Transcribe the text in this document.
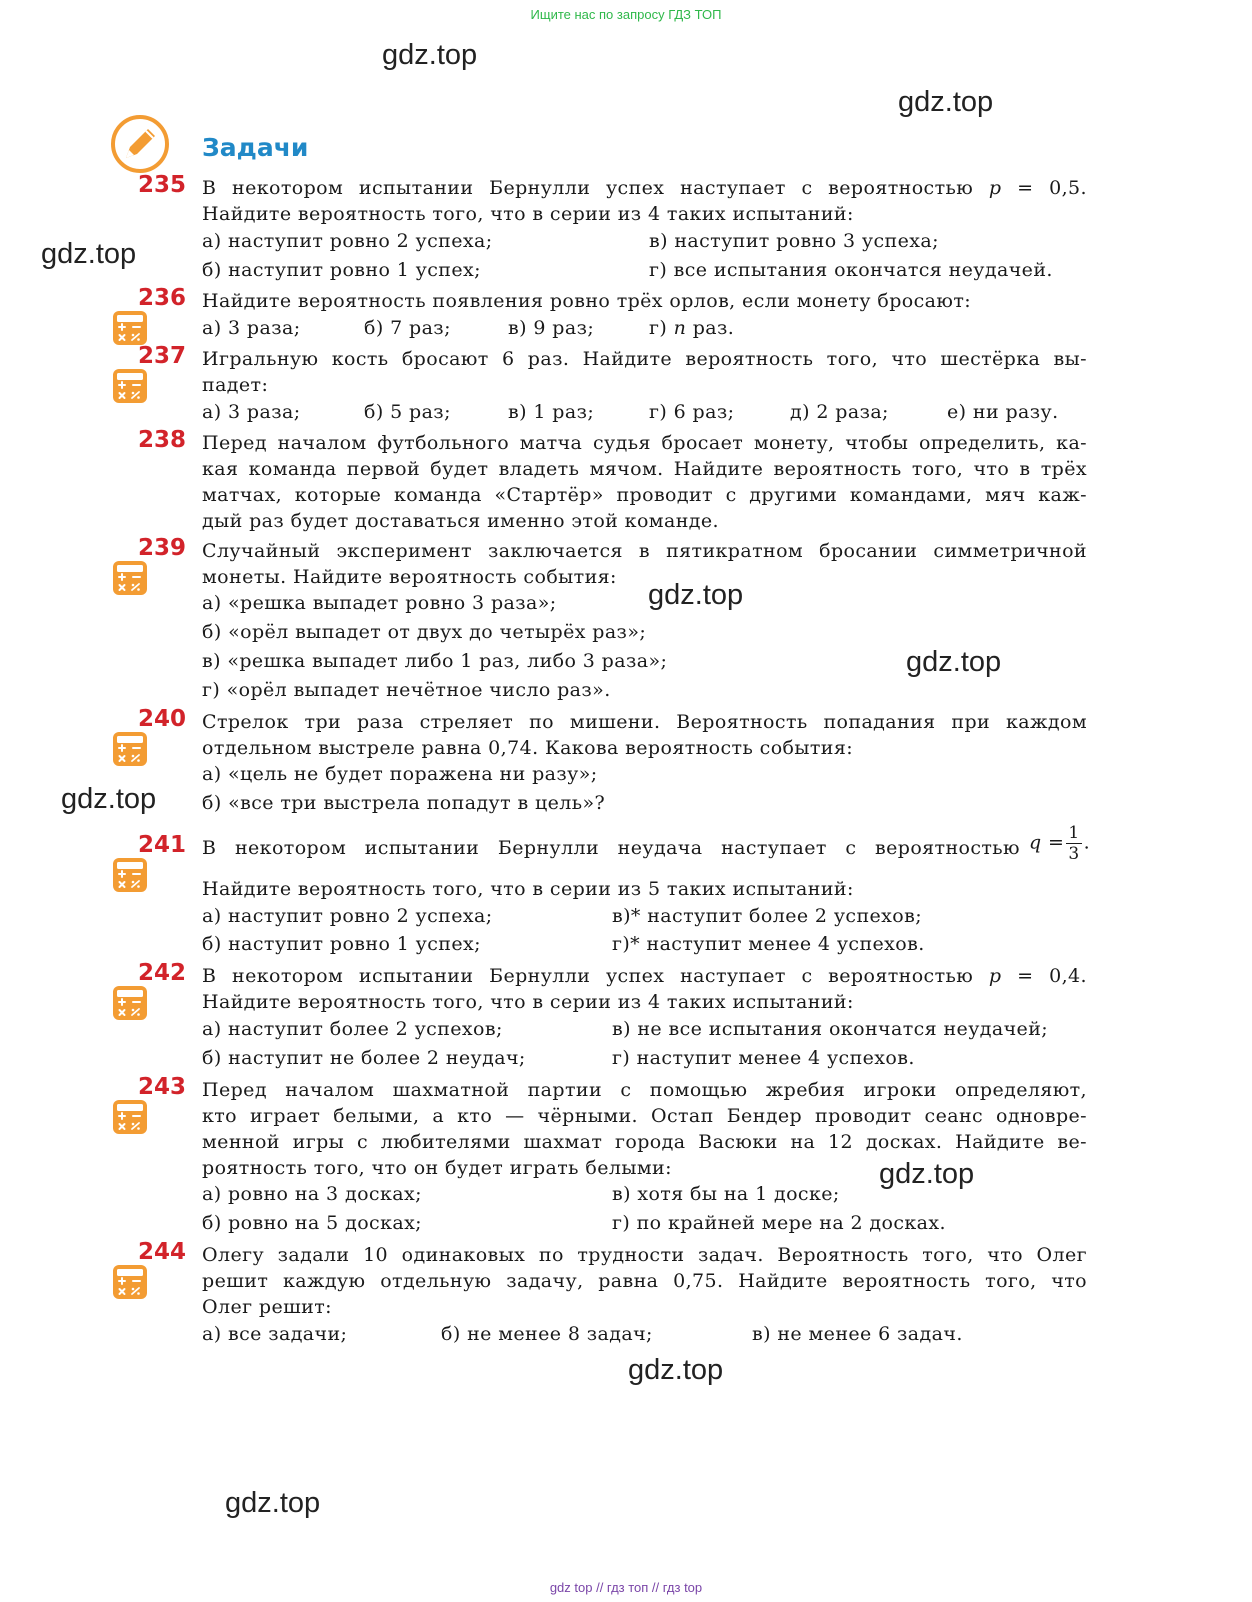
Ищите нас по запросу ГДЗ ТОП
gdz.top
gdz.top
gdz.top
gdz.top
gdz.top
gdz.top
gdz.top
gdz.top
gdz.top
Задачи
235 В некотором испытании Бернулли успех наступает с вероятностью p = 0,5.
Найдите вероятность того, что в серии из 4 таких испытаний:
а) наступит ровно 2 успеха;	в) наступит ровно 3 успеха;
б) наступит ровно 1 успех;	г) все испытания окончатся неудачей.
236 Найдите вероятность появления ровно трёх орлов, если монету бросают:
а) 3 раза;	б) 7 раз;	в) 9 раз;	г) n раз.
237 Игральную кость бросают 6 раз. Найдите вероятность того, что шестёрка вы-
падет:
а) 3 раза;	б) 5 раз;	в) 1 раз;	г) 6 раз;	д) 2 раза;	е) ни разу.
238 Перед началом футбольного матча судья бросает монету, чтобы определить, ка-
кая команда первой будет владеть мячом. Найдите вероятность того, что в трёх
матчах, которые команда «Стартёр» проводит с другими командами, мяч каж-
дый раз будет доставаться именно этой команде.
239 Случайный эксперимент заключается в пятикратном бросании симметричной
монеты. Найдите вероятность события:
а) «решка выпадет ровно 3 раза»;
б) «орёл выпадет от двух до четырёх раз»;
в) «решка выпадет либо 1 раз, либо 3 раза»;
г) «орёл выпадет нечётное число раз».
240 Стрелок три раза стреляет по мишени. Вероятность попадания при каждом
отдельном выстреле равна 0,74. Какова вероятность события:
а) «цель не будет поражена ни разу»;
б) «все три выстрела попадут в цель»?
241 В некотором испытании Бернулли неудача наступает с вероятностью $q = \frac{1}{3}$ .
Найдите вероятность того, что в серии из 5 таких испытаний:
а) наступит ровно 2 успеха;	в)* наступит более 2 успехов;
б) наступит ровно 1 успех;	г)* наступит менее 4 успехов.
242 В некотором испытании Бернулли успех наступает с вероятностью p = 0,4.
Найдите вероятность того, что в серии из 4 таких испытаний:
а) наступит более 2 успехов;	в) не все испытания окончатся неудачей;
б) наступит не более 2 неудач;	г) наступит менее 4 успехов.
243 Перед началом шахматной партии с помощью жребия игроки определяют,
кто играет белыми, а кто — чёрными. Остап Бендер проводит сеанс одновре-
менной игры с любителями шахмат города Васюки на 12 досках. Найдите ве-
роятность того, что он будет играть белыми:
а) ровно на 3 досках;	в) хотя бы на 1 доске;
б) ровно на 5 досках;	г) по крайней мере на 2 досках.
244 Олегу задали 10 одинаковых по трудности задач. Вероятность того, что Олег
решит каждую отдельную задачу, равна 0,75. Найдите вероятность того, что
Олег решит:
а) все задачи;	б) не менее 8 задач;	в) не менее 6 задач.
gdz top // гдз топ // гдз top
